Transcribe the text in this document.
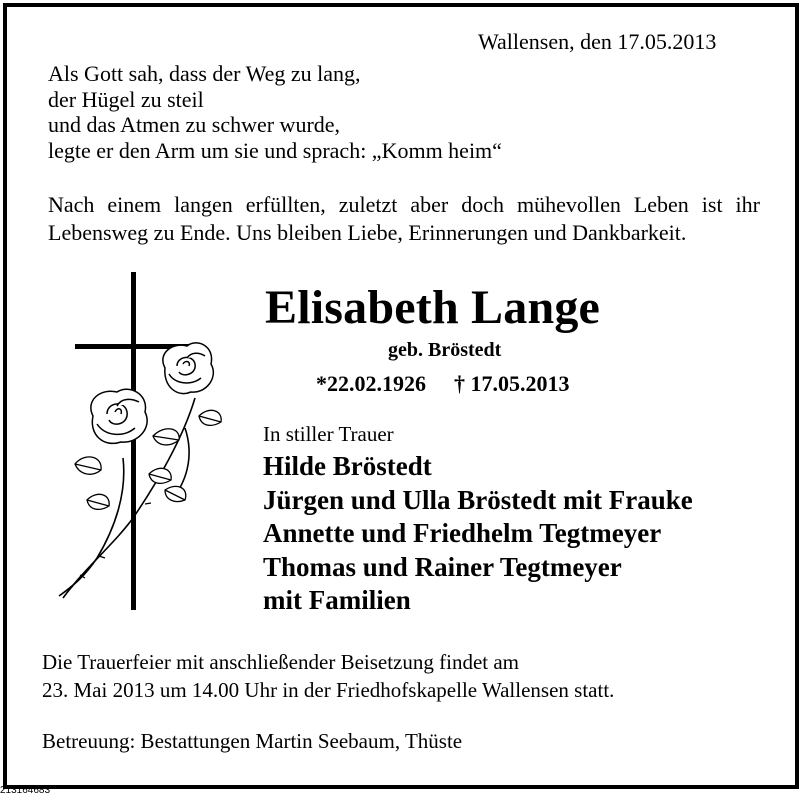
Wallensen, den 17.05.2013
Als Gott sah, dass der Weg zu lang,
der Hügel zu steil
und das Atmen zu schwer wurde,
legte er den Arm um sie und sprach: „Komm heim“
Nach einem langen erfüllten, zuletzt aber doch mühevollen Leben ist ihr
Lebensweg zu Ende. Uns bleiben Liebe, Erinnerungen und Dankbarkeit.
Elisabeth Lange
geb. Bröstedt
*22.02.1926 † 17.05.2013
In stiller Trauer
Hilde Bröstedt
Jürgen und Ulla Bröstedt mit Frauke
Annette und Friedhelm Tegtmeyer
Thomas und Rainer Tegtmeyer
mit Familien
Die Trauerfeier mit anschließender Beisetzung findet am
23. Mai 2013 um 14.00 Uhr in der Friedhofskapelle Wallensen statt.
Betreuung: Bestattungen Martin Seebaum, Thüste
213164683
